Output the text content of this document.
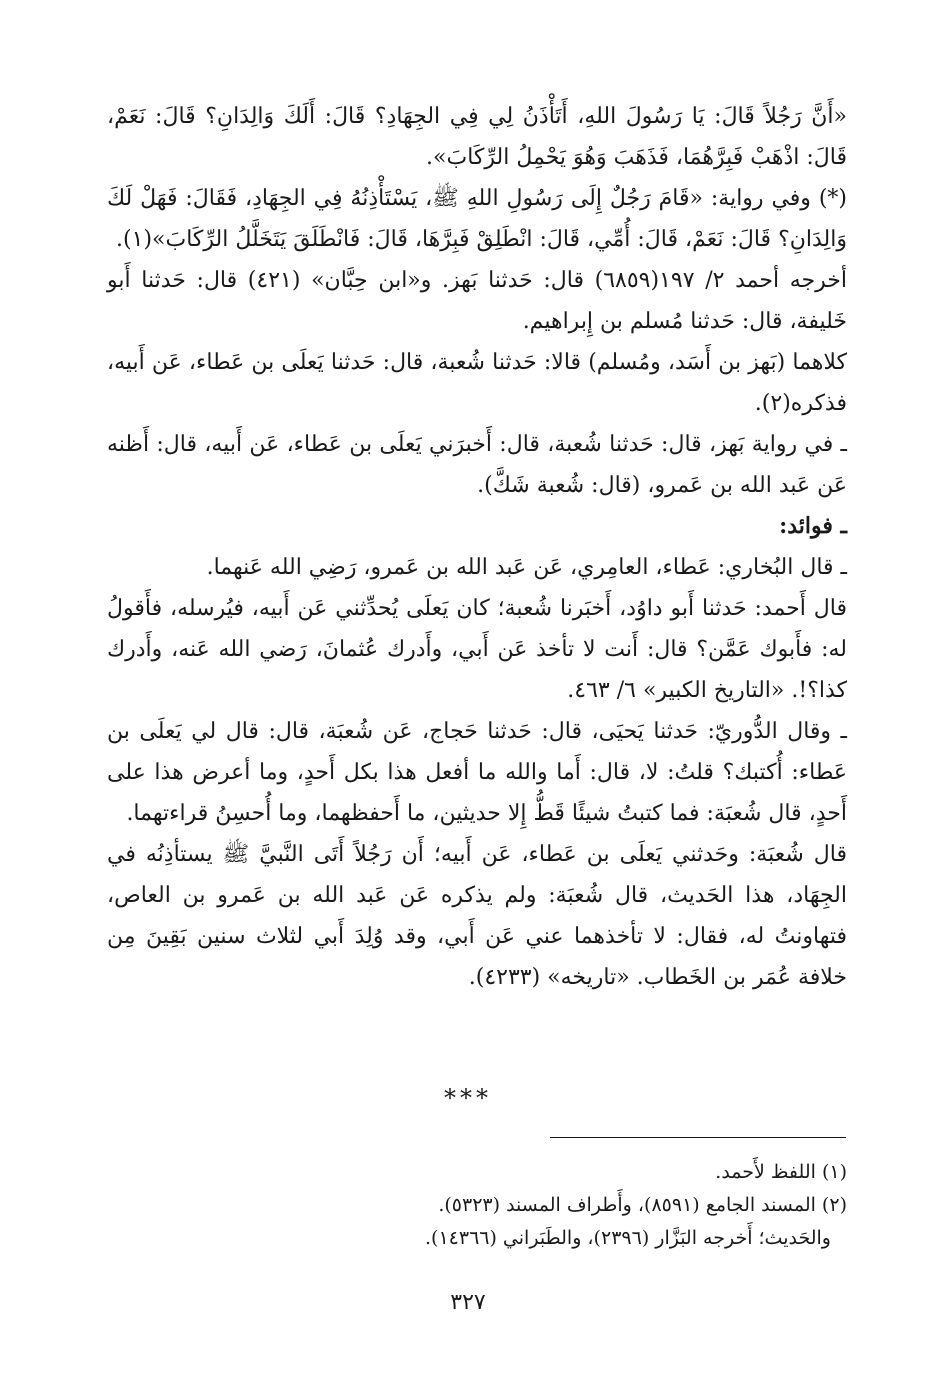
«أَنَّ رَجُلاً قَالَ: يَا رَسُولَ اللهِ، أَتَأْذَنُ لِي فِي الجِهَادِ؟ قَالَ: أَلَكَ وَالِدَانِ؟ قَالَ: نَعَمْ، قَالَ: اذْهَبْ فَبِرَّهُمَا، فَذَهَبَ وَهُوَ يَحْمِلُ الرِّكَابَ».

(*) وفي رواية: «قَامَ رَجُلٌ إِلَى رَسُولِ اللهِ ﷺ، يَسْتَأْذِنُهُ فِي الجِهَادِ، فَقَالَ: فَهَلْ لَكَ وَالِدَانِ؟ قَالَ: نَعَمْ، قَالَ: أُمِّي، قَالَ: انْطَلِقْ فَبِرَّهَا، قَالَ: فَانْطَلَقَ يَتَخَلَّلُ الرِّكَابَ»(١).

أخرجه أحمد ٢/ ١٩٧(٦٨٥٩) قال: حَدثنا بَهز. و«ابن حِبَّان» (٤٢١) قال: حَدثنا أَبو خَليفة، قال: حَدثنا مُسلم بن إِبراهيم.

كلاهما (بَهز بن أَسَد، ومُسلم) قالا: حَدثنا شُعبة، قال: حَدثنا يَعلَى بن عَطاء، عَن أَبيه، فذكره(٢).

ـ في رواية بَهز، قال: حَدثنا شُعبة، قال: أَخبرَني يَعلَى بن عَطاء، عَن أَبيه، قال: أَظنه عَن عَبد الله بن عَمرو، (قال: شُعبة شَكَّ).

ـ فوائد:

ـ قال البُخاري: عَطاء، العامِري، عَن عَبد الله بن عَمرو، رَضِي الله عَنهما.

قال أَحمد: حَدثنا أَبو داوُد، أَخبَرنا شُعبة؛ كان يَعلَى يُحدِّثني عَن أَبيه، فيُرسله، فأَقولُ له: فأَبوك عَمَّن؟ قال: أَنت لا تأخذ عَن أَبي، وأَدرك عُثمانَ، رَضي الله عَنه، وأَدرك كذا؟!. «التاريخ الكبير» ٦/ ٤٦٣.

ـ وقال الدُّوريّ: حَدثنا يَحيَى، قال: حَدثنا حَجاج، عَن شُعبَة، قال: قال لي يَعلَى بن عَطاء: أُكتبك؟ قلتُ: لا، قال: أَما والله ما أفعل هذا بكل أَحدٍ، وما أعرض هذا على أَحدٍ، قال شُعبَة: فما كتبتُ شيئًا قَطُّ إِلا حديثين، ما أَحفظهما، وما أُحسِنُ قراءتهما.

قال شُعبَة: وحَدثني يَعلَى بن عَطاء، عَن أَبيه؛ أَن رَجُلاً أَتَى النَّبيَّ ﷺ يستأذِنُه في الجِهَاد، هذا الحَديث، قال شُعبَة: ولم يذكره عَن عَبد الله بن عَمرو بن العاص، فتهاونتُ له، فقال: لا تأخذهما عني عَن أَبي، وقد وُلِدَ أَبي لثلاث سنين بَقِينَ مِن خلافة عُمَر بن الخَطاب. «تاريخه» (٤٢٣٣).

***

(١) اللفظ لأَحمد.

(٢) المسند الجامع (٨٥٩١)، وأَطراف المسند (٥٣٢٣).

والحَديث؛ أَخرجه البَزَّار (٢٣٩٦)، والطَبَراني (١٤٣٦٦).

٣٢٧
